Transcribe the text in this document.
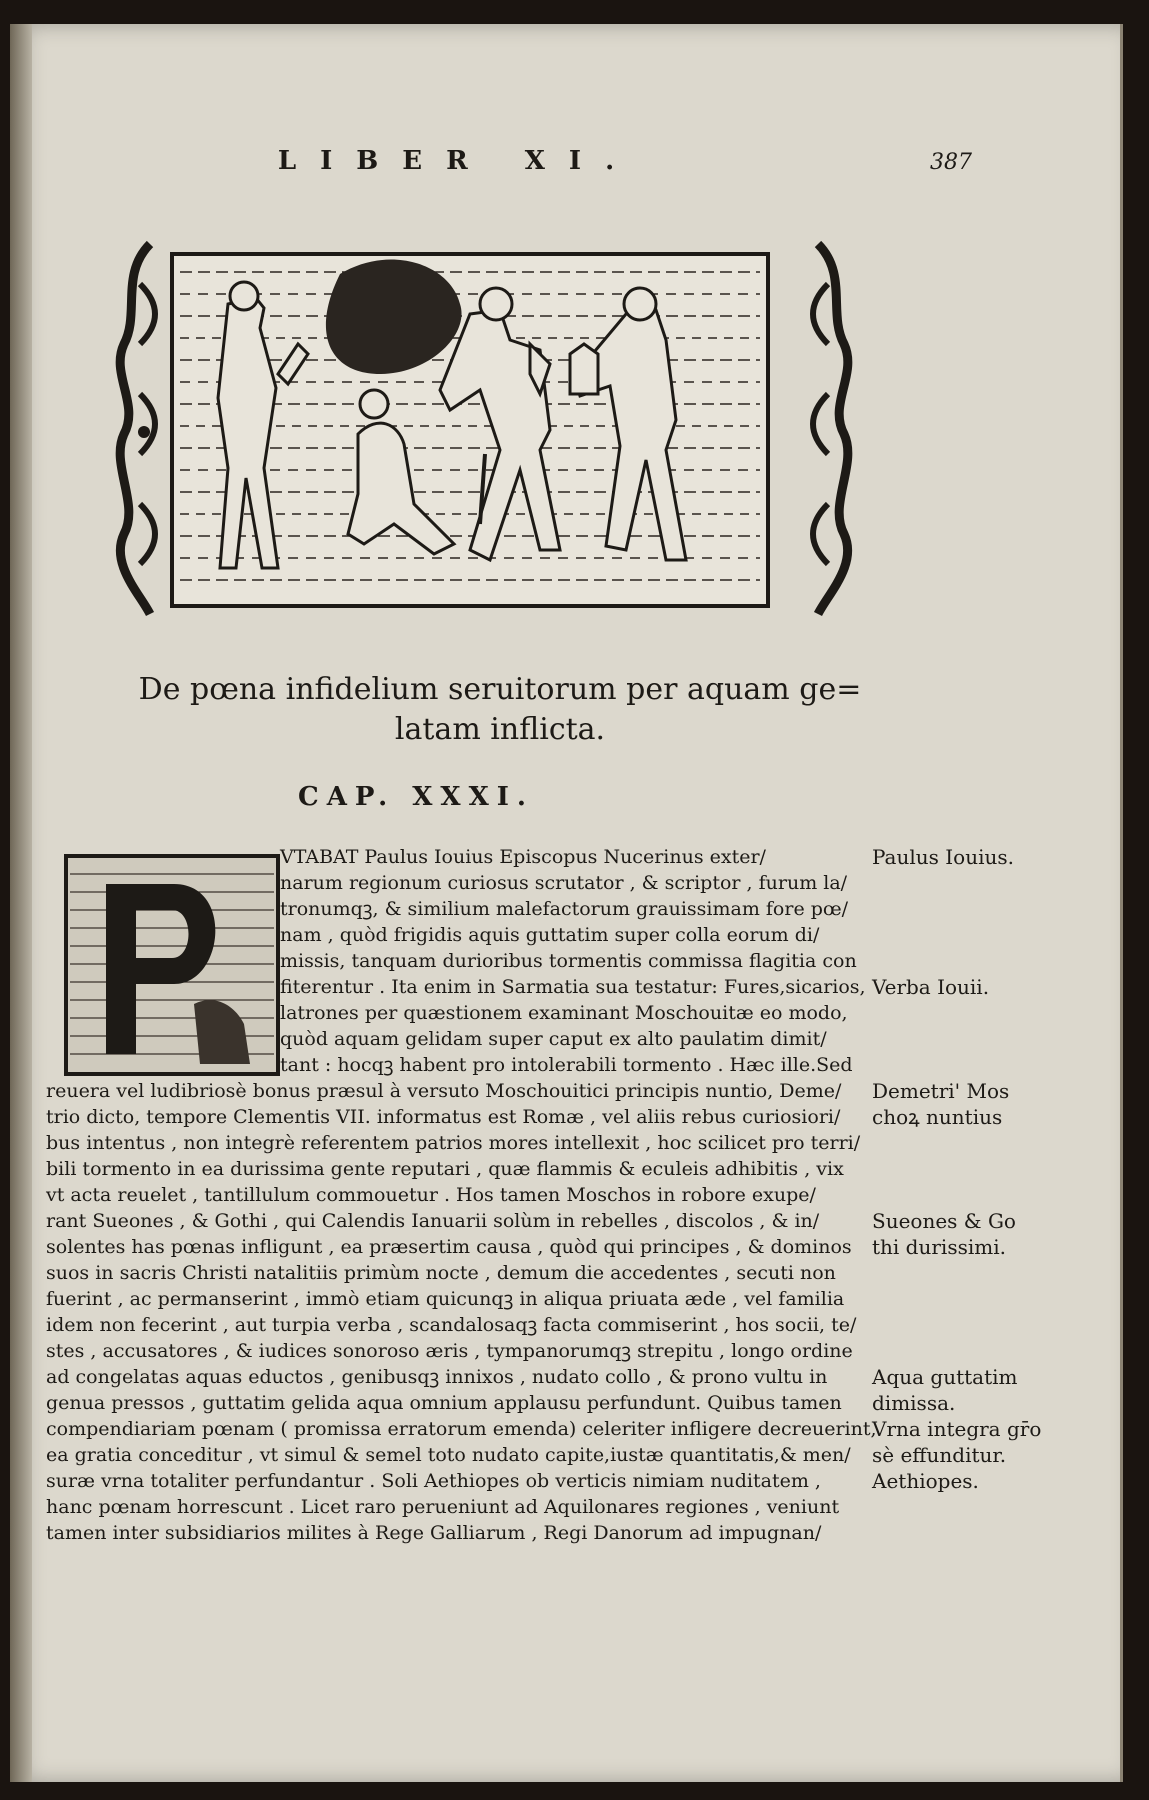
LIBER XI.	387
De pœna infidelium seruitorum per aquam ge=
latam inflicta.
CAP. XXXI.
VTABAT Paulus Iouius Episcopus Nucerinus exter/
narum regionum curiosus scrutator , & scriptor , furum la/
tronumqꝫ, & similium malefactorum grauissimam fore pœ/
nam , quòd frigidis aquis guttatim super colla eorum di/
missis, tanquam durioribus tormentis commissa flagitia con
fiterentur . Ita enim in Sarmatia sua testatur: Fures,sicarios,
latrones per quæstionem examinant Moschouitæ eo modo,
quòd aquam gelidam super caput ex alto paulatim dimit/
tant : hocqꝫ habent pro intolerabili tormento . Hæc ille.Sed
reuera vel ludibriosè bonus præsul à versuto Moschouitici principis nuntio, Deme/
trio dicto, tempore Clementis VII. informatus est Romæ , vel aliis rebus curiosiori/
bus intentus , non integrè referentem patrios mores intellexit , hoc scilicet pro terri/
bili tormento in ea durissima gente reputari , quæ flammis & eculeis adhibitis , vix
vt acta reuelet , tantillulum commouetur . Hos tamen Moschos in robore exupe/
rant Sueones , & Gothi , qui Calendis Ianuarii solùm in rebelles , discolos , & in/
solentes has pœnas infligunt , ea præsertim causa , quòd qui principes , & dominos
suos in sacris Christi natalitiis primùm nocte , demum die accedentes , secuti non
fuerint , ac permanserint , immò etiam quicunqꝫ in aliqua priuata æde , vel familia
idem non fecerint , aut turpia verba , scandalosaqꝫ facta commiserint , hos socii, te/
stes , accusatores , & iudices sonoroso æris , tympanorumqꝫ strepitu , longo ordine
ad congelatas aquas eductos , genibusqꝫ innixos , nudato collo , & prono vultu in
genua pressos , guttatim gelida aqua omnium applausu perfundunt. Quibus tamen
compendiariam pœnam ( promissa erratorum emenda) celeriter infligere decreuerint,
ea gratia conceditur , vt simul & semel toto nudato capite,iustæ quantitatis,& men/
suræ vrna totaliter perfundantur . Soli Aethiopes ob verticis nimiam nuditatem ,
hanc pœnam horrescunt . Licet raro perueniunt ad Aquilonares regiones , veniunt
tamen inter subsidiarios milites à Rege Galliarum , Regi Danorum ad impugnan/
Paulus Iouius.
Verba Iouii.
Demetri' Mos
choꝝ nuntius
Sueones & Go
thi durissimi.
Aqua guttatim
dimissa.
Vrna integra gr̄o
sè effunditur.
Aethiopes.
